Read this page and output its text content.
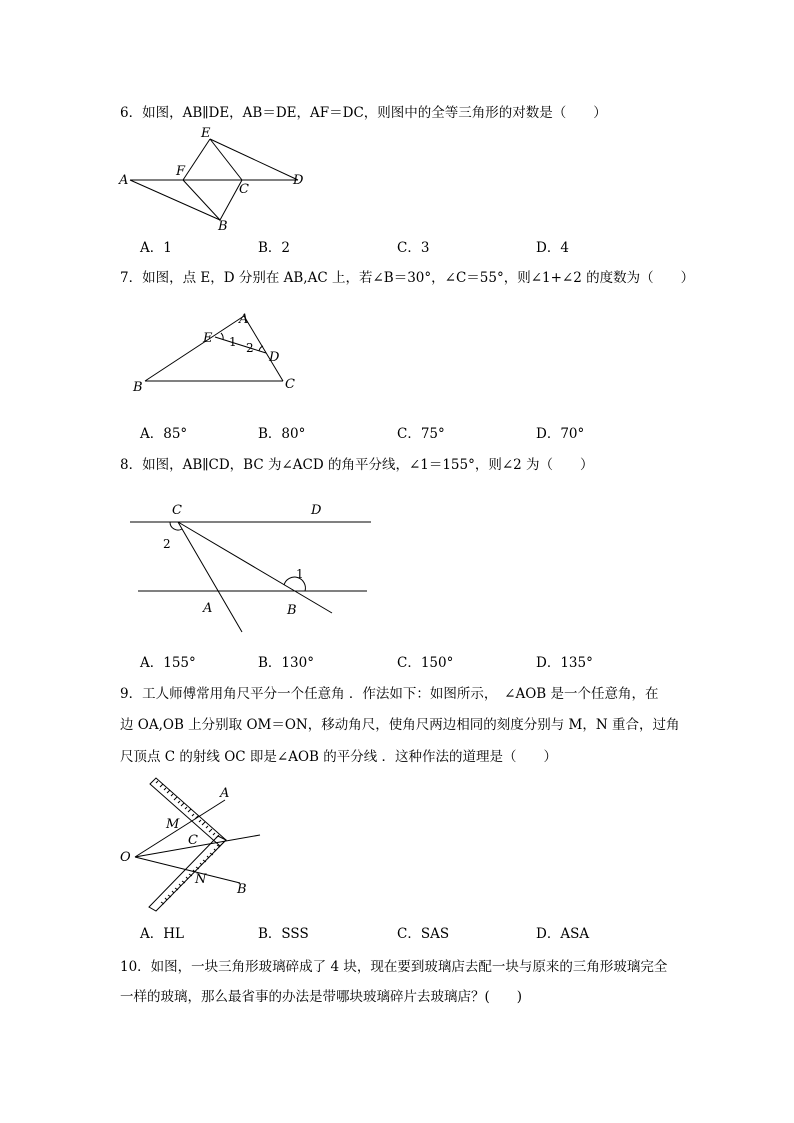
6．如图，AB∥DE，AB＝DE，AF＝DC，则图中的全等三角形的对数是（　　）
E
A
F
C
D
B
A．1	B．2	C．3	D．4
7．如图，点 E，D 分别在 AB,AC 上，若∠B＝30°，∠C＝55°，则∠1+∠2 的度数为（　　）
A
E 1 2
D
B	C
A．85°	B．80°	C．75°	D．70°
8．如图，AB∥CD，BC 为∠ACD 的角平分线，∠1＝155°，则∠2 为（　　）
C	D
2
1
A	B
A．155°	B．130°	C．150°	D．135°
9．工人师傅常用角尺平分一个任意角 ．作法如下：如图所示，　∠AOB 是一个任意角，在
边 OA,OB 上分别取 OM＝ON，移动角尺，使角尺两边相同的刻度分别与 M，N 重合，过角
尺顶点 C 的射线 OC 即是∠AOB 的平分线 ．这种作法的道理是（　　）
A
M
C
O
N
B
A．HL	B．SSS	C．SAS	D．ASA
10．如图，一块三角形玻璃碎成了 4 块，现在要到玻璃店去配一块与原来的三角形玻璃完全
一样的玻璃，那么最省事的办法是带哪块玻璃碎片去玻璃店？(　　)
